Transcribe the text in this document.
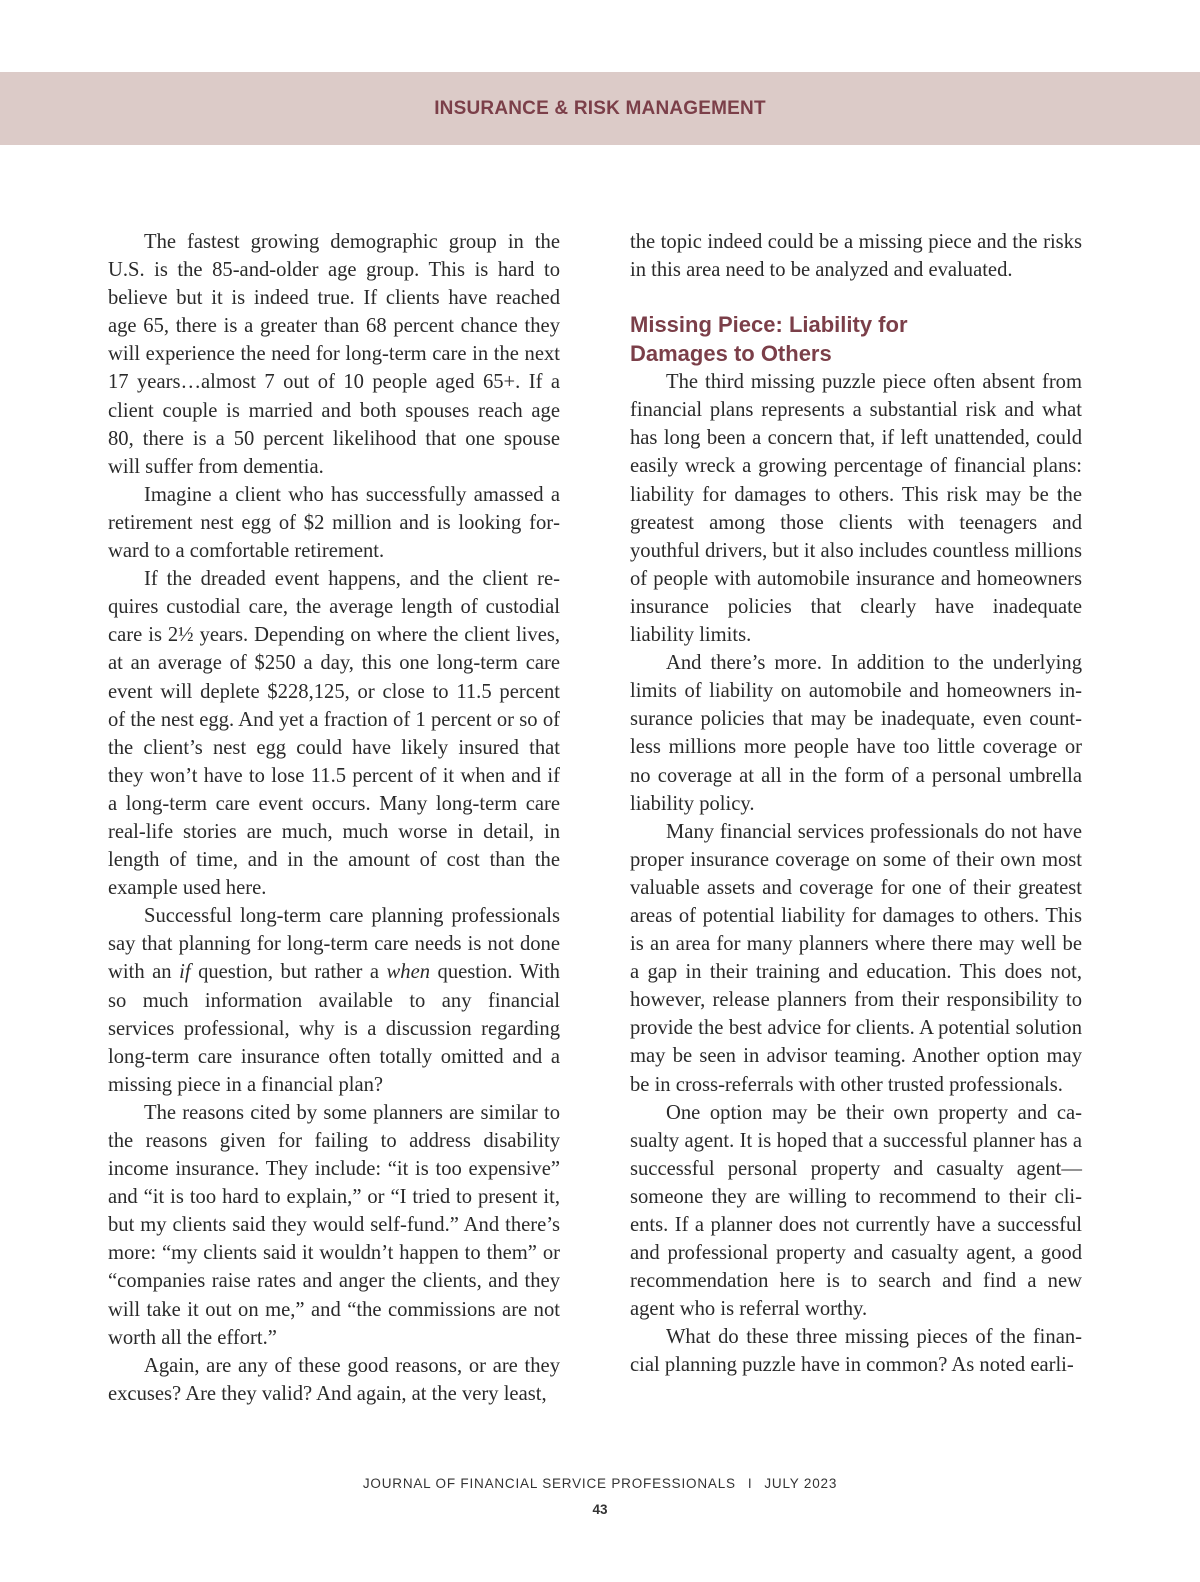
INSURANCE & RISK MANAGEMENT

The fastest growing demographic group in the U.S. is the 85-and-older age group. This is hard to believe but it is indeed true. If clients have reached age 65, there is a greater than 68 percent chance they will experience the need for long-term care in the next 17 years…almost 7 out of 10 people aged 65+. If a client couple is married and both spouses reach age 80, there is a 50 percent likelihood that one spouse will suffer from dementia.

Imagine a client who has successfully amassed a retirement nest egg of $2 million and is looking forward to a comfortable retirement.

If the dreaded event happens, and the client requires custodial care, the average length of custodial care is 2½ years. Depending on where the client lives, at an average of $250 a day, this one long-term care event will deplete $228,125, or close to 11.5 percent of the nest egg. And yet a fraction of 1 percent or so of the client’s nest egg could have likely insured that they won’t have to lose 11.5 percent of it when and if a long-term care event occurs. Many long-term care real-life stories are much, much worse in detail, in length of time, and in the amount of cost than the example used here.

Successful long-term care planning professionals say that planning for long-term care needs is not done with an if question, but rather a when question. With so much information available to any financial services professional, why is a discussion regarding long-term care insurance often totally omitted and a missing piece in a financial plan?

The reasons cited by some planners are similar to the reasons given for failing to address disability income insurance. They include: “it is too expensive” and “it is too hard to explain,” or “I tried to present it, but my clients said they would self-fund.” And there’s more: “my clients said it wouldn’t happen to them” or “companies raise rates and anger the clients, and they will take it out on me,” and “the commissions are not worth all the effort.”

Again, are any of these good reasons, or are they excuses? Are they valid? And again, at the very least,

the topic indeed could be a missing piece and the risks in this area need to be analyzed and evaluated.

Missing Piece: Liability for
Damages to Others

The third missing puzzle piece often absent from financial plans represents a substantial risk and what has long been a concern that, if left unattended, could easily wreck a growing percentage of financial plans: liability for damages to others. This risk may be the greatest among those clients with teenagers and youthful drivers, but it also includes countless millions of people with automobile insurance and homeowners insurance policies that clearly have inadequate liability limits.

And there’s more. In addition to the underlying limits of liability on automobile and homeowners insurance policies that may be inadequate, even countless millions more people have too little coverage or no coverage at all in the form of a personal umbrella liability policy.

Many financial services professionals do not have proper insurance coverage on some of their own most valuable assets and coverage for one of their greatest areas of potential liability for damages to others. This is an area for many planners where there may well be a gap in their training and education. This does not, however, release planners from their responsibility to provide the best advice for clients. A potential solution may be seen in advisor teaming. Another option may be in cross-referrals with other trusted professionals.

One option may be their own property and casualty agent. It is hoped that a successful planner has a successful personal property and casualty agent—someone they are willing to recommend to their clients. If a planner does not currently have a successful and professional property and casualty agent, a good recommendation here is to search and find a new agent who is referral worthy.

What do these three missing pieces of the financial planning puzzle have in common? As noted earli-

JOURNAL OF FINANCIAL SERVICE PROFESSIONALS I JULY 2023
43
